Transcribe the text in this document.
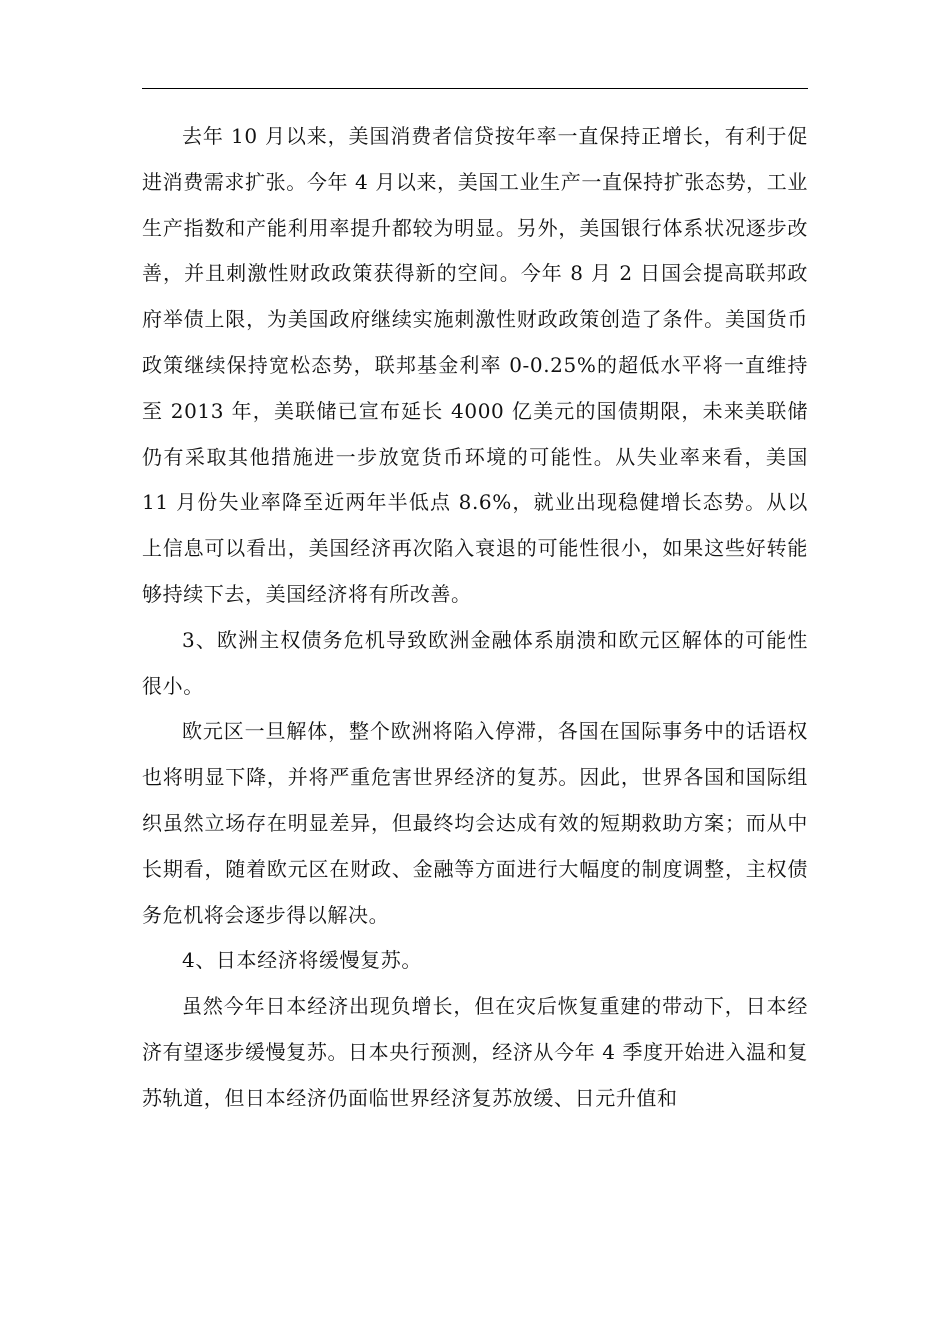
去年 10 月以来，美国消费者信贷按年率一直保持正增长，有利于促进消费需求扩张。今年 4 月以来，美国工业生产一直保持扩张态势，工业生产指数和产能利用率提升都较为明显。另外，美国银行体系状况逐步改善，并且刺激性财政政策获得新的空间。今年 8 月 2 日国会提高联邦政府举债上限，为美国政府继续实施刺激性财政政策创造了条件。美国货币政策继续保持宽松态势，联邦基金利率 0-0.25%的超低水平将一直维持至 2013 年，美联储已宣布延长 4000 亿美元的国债期限，未来美联储仍有采取其他措施进一步放宽货币环境的可能性。从失业率来看，美国 11 月份失业率降至近两年半低点 8.6%，就业出现稳健增长态势。从以上信息可以看出，美国经济再次陷入衰退的可能性很小，如果这些好转能够持续下去，美国经济将有所改善。

3、欧洲主权债务危机导致欧洲金融体系崩溃和欧元区解体的可能性很小。

欧元区一旦解体，整个欧洲将陷入停滞，各国在国际事务中的话语权也将明显下降，并将严重危害世界经济的复苏。因此，世界各国和国际组织虽然立场存在明显差异，但最终均会达成有效的短期救助方案；而从中长期看，随着欧元区在财政、金融等方面进行大幅度的制度调整，主权债务危机将会逐步得以解决。

4、日本经济将缓慢复苏。

虽然今年日本经济出现负增长，但在灾后恢复重建的带动下，日本经济有望逐步缓慢复苏。日本央行预测，经济从今年 4 季度开始进入温和复苏轨道，但日本经济仍面临世界经济复苏放缓、日元升值和
